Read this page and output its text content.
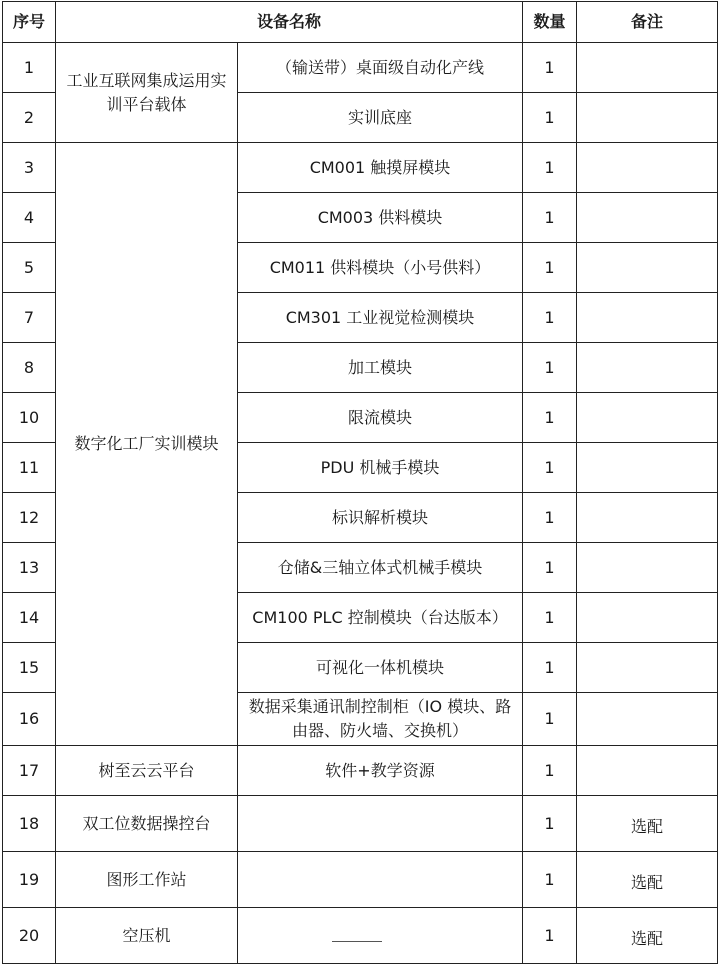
序号	设备名称		数量	备注
1	工业互联网集成运用实训平台载体	（输送带）桌面级自动化产线	1	
2		实训底座	1	
3	数字化工厂实训模块	CM001 触摸屏模块	1	
4		CM003 供料模块	1	
5		CM011 供料模块（小号供料）	1	
7		CM301 工业视觉检测模块	1	
8		加工模块	1	
10		限流模块	1	
11		PDU 机械手模块	1	
12		标识解析模块	1	
13		仓储&三轴立体式机械手模块	1	
14		CM100 PLC 控制模块（台达版本）	1	
15		可视化一体机模块	1	
16		数据采集通讯制控制柜（IO 模块、路由器、防火墙、交换机）	1	
17	树至云云平台	软件+教学资源	1	
18	双工位数据操控台		1	选配
19	图形工作站		1	选配
20	空压机		1	选配
